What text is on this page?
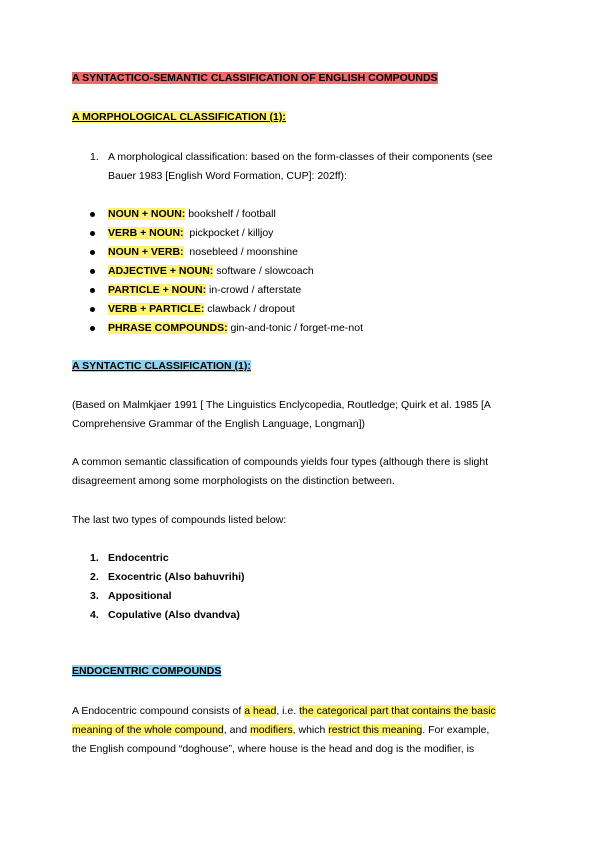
A SYNTACTICO-SEMANTIC CLASSIFICATION OF ENGLISH COMPOUNDS
A MORPHOLOGICAL CLASSIFICATION (1):
1. A morphological classification: based on the form-classes of their components (see
Bauer 1983 [English Word Formation, CUP]: 202ff):
NOUN + NOUN: bookshelf / football
VERB + NOUN:  pickpocket / killjoy
NOUN + VERB:  nosebleed / moonshine
ADJECTIVE + NOUN: software / slowcoach
PARTICLE + NOUN: in-crowd / afterstate
VERB + PARTICLE: clawback / dropout
PHRASE COMPOUNDS: gin-and-tonic / forget-me-not
A SYNTACTIC CLASSIFICATION (1):
(Based on Malmkjaer 1991 [ The Linguistics Enclycopedia, Routledge; Quirk et al. 1985 [A
Comprehensive Grammar of the English Language, Longman])
A common semantic classification of compounds yields four types (although there is slight
disagreement among some morphologists on the distinction between.
The last two types of compounds listed below:
1. Endocentric
2. Exocentric (Also bahuvrihi)
3. Appositional
4. Copulative (Also dvandva)
ENDOCENTRIC COMPOUNDS
A Endocentric compound consists of a head, i.e. the categorical part that contains the basic
meaning of the whole compound, and modifiers, which restrict this meaning. For example,
the English compound “doghouse”, where house is the head and dog is the modifier, is
